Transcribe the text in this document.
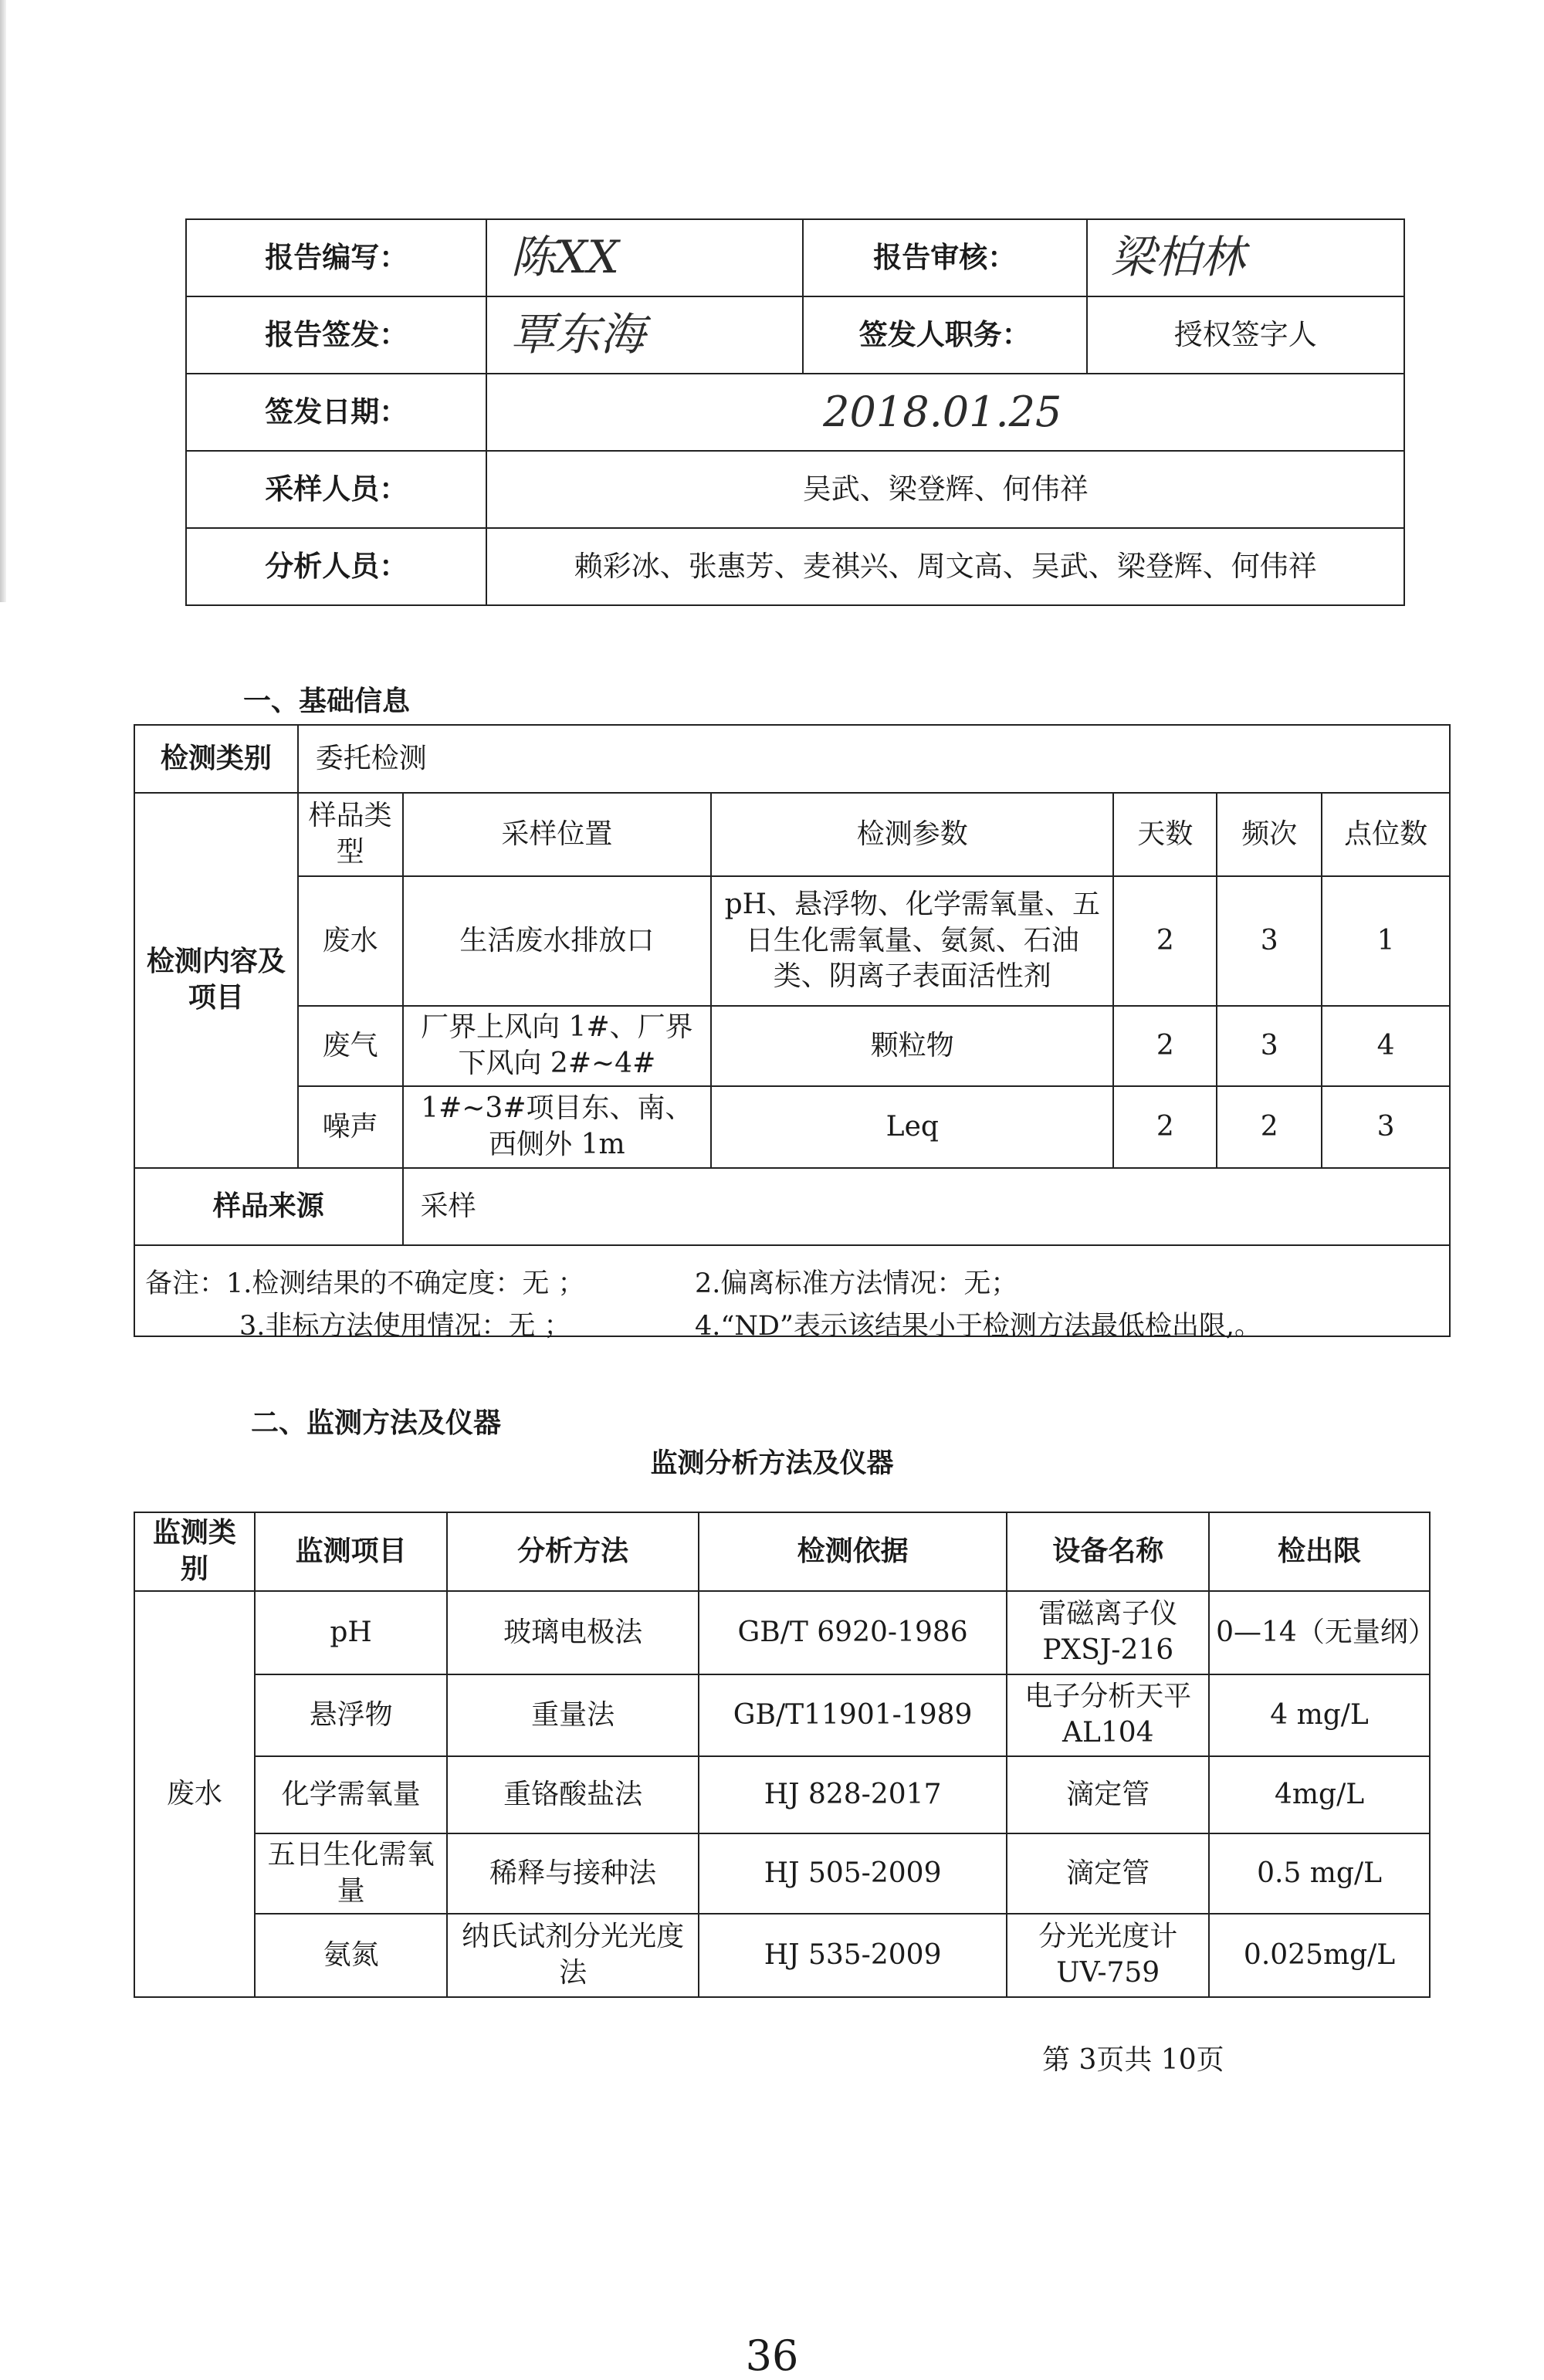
报告编写：	陈XX	报告审核：	梁柏林
报告签发：	覃东海	签发人职务：	授权签字人
签发日期：	2018.01.25		
采样人员：	吴武、梁登辉、何伟祥		
分析人员：	赖彩冰、张惠芳、麦祺兴、周文高、吴武、梁登辉、何伟祥		
一、基础信息
检测类别	委托检测					
检测内容及项目	样品类型	采样位置	检测参数	天数	频次	点位数
	废水	生活废水排放口	pH、悬浮物、化学需氧量、五日生化需氧量、氨氮、石油类、阴离子表面活性剂	2	3	1
	废气	厂界上风向 1#、厂界下风向 2#~4#	颗粒物	2	3	4
	噪声	1#~3#项目东、南、西侧外 1m	Leq	2	2	3
样品来源		采样				

备注：1.检测结果的不确定度：无 ；	2.偏离标准方法情况：无；
3.非标方法使用情况：无 ；	4.“ND”表示该结果小于检测方法最低检出限,。
二、监测方法及仪器
监测分析方法及仪器
监测类别	监测项目	分析方法	检测依据	设备名称	检出限
废水	pH	玻璃电极法	GB/T 6920-1986	雷磁离子仪 PXSJ-216	0—14（无量纲）
	悬浮物	重量法	GB/T11901-1989	电子分析天平 AL104	4 mg/L
	化学需氧量	重铬酸盐法	HJ 828-2017	滴定管	4mg/L
	五日生化需氧量	稀释与接种法	HJ 505-2009	滴定管	0.5 mg/L
	氨氮	纳氏试剂分光光度法	HJ 535-2009	分光光度计 UV-759	0.025mg/L
第 3页共 10页
36
